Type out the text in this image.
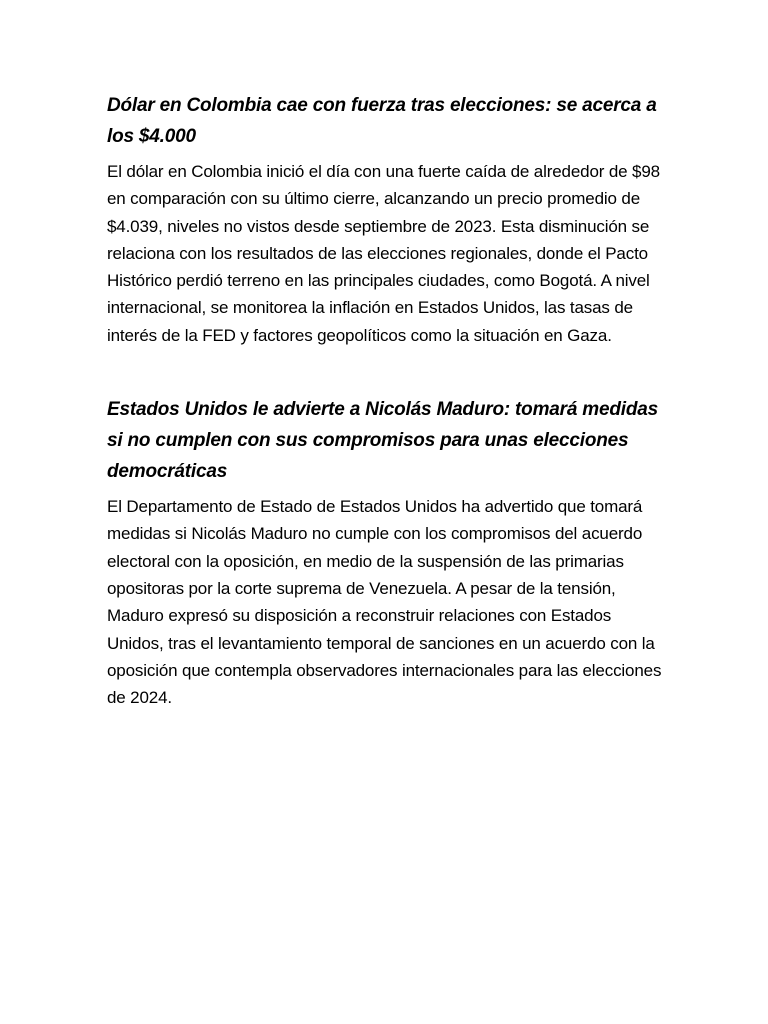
Dólar en Colombia cae con fuerza tras elecciones: se acerca a los $4.000

El dólar en Colombia inició el día con una fuerte caída de alrededor de $98 en comparación con su último cierre, alcanzando un precio promedio de $4.039, niveles no vistos desde septiembre de 2023. Esta disminución se relaciona con los resultados de las elecciones regionales, donde el Pacto Histórico perdió terreno en las principales ciudades, como Bogotá. A nivel internacional, se monitorea la inflación en Estados Unidos, las tasas de interés de la FED y factores geopolíticos como la situación en Gaza.

Estados Unidos le advierte a Nicolás Maduro: tomará medidas si no cumplen con sus compromisos para unas elecciones democráticas

El Departamento de Estado de Estados Unidos ha advertido que tomará medidas si Nicolás Maduro no cumple con los compromisos del acuerdo electoral con la oposición, en medio de la suspensión de las primarias opositoras por la corte suprema de Venezuela. A pesar de la tensión, Maduro expresó su disposición a reconstruir relaciones con Estados Unidos, tras el levantamiento temporal de sanciones en un acuerdo con la oposición que contempla observadores internacionales para las elecciones de 2024.
